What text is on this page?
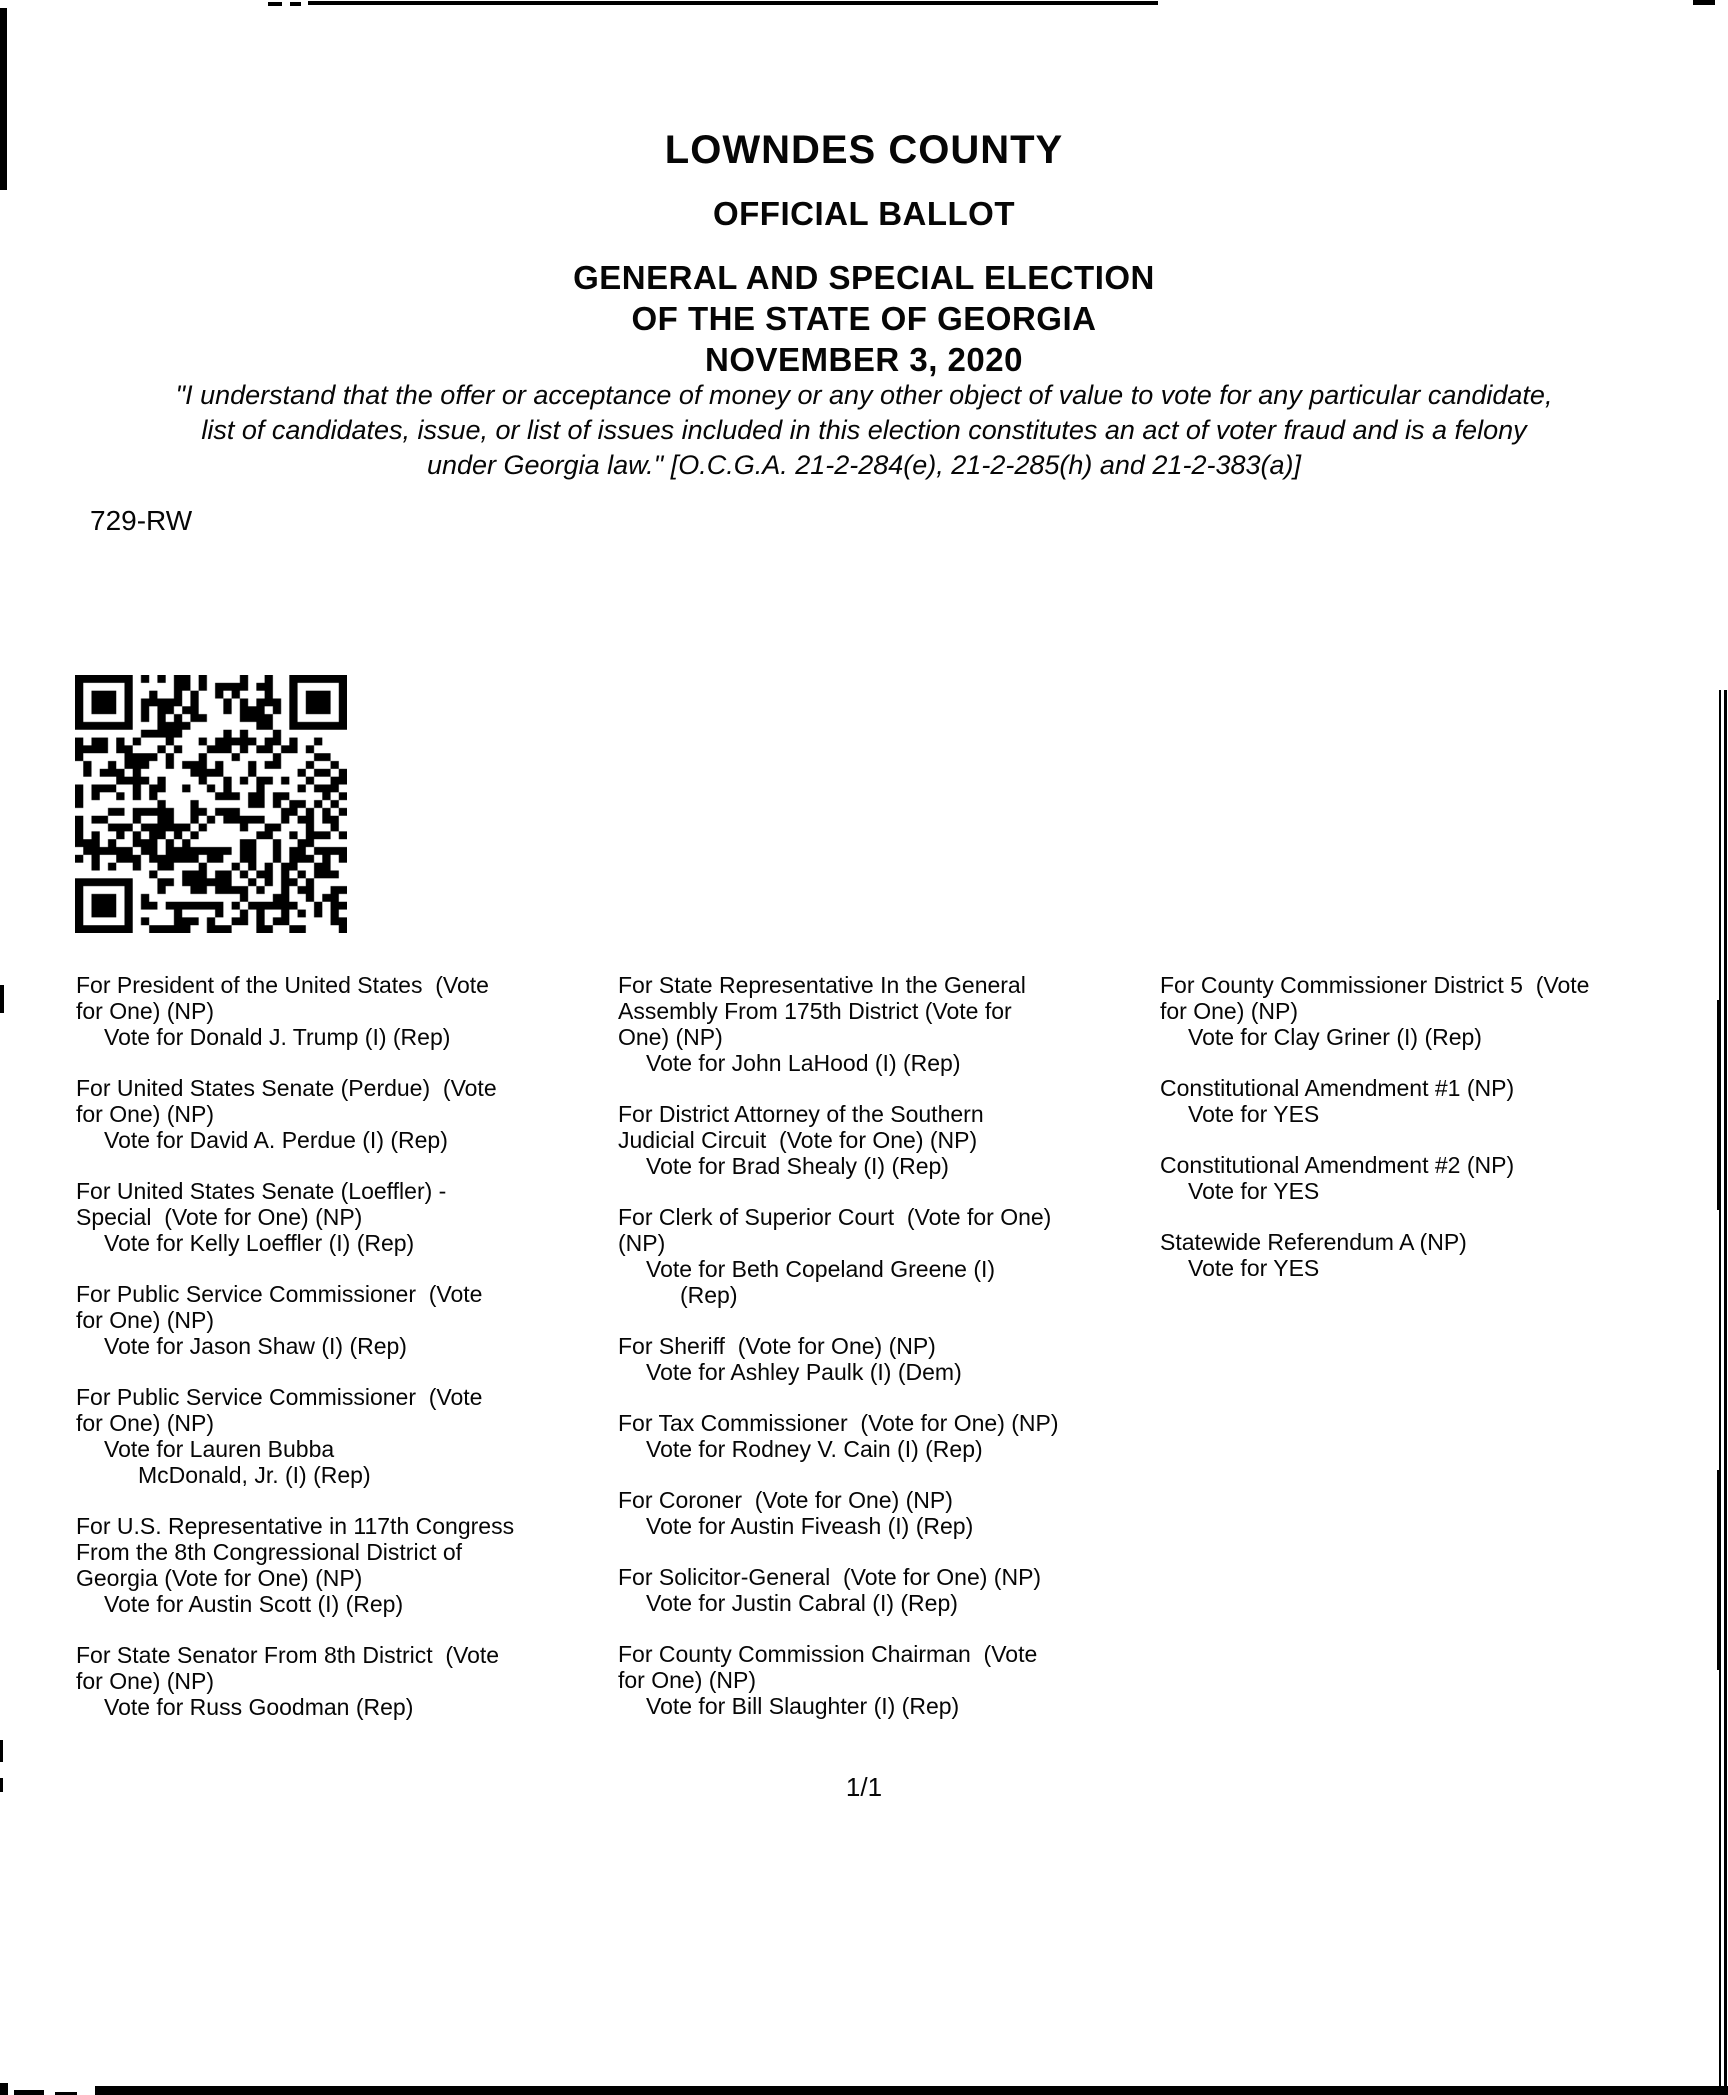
LOWNDES COUNTY
OFFICIAL BALLOT
GENERAL AND SPECIAL ELECTION
OF THE STATE OF GEORGIA
NOVEMBER 3, 2020
"I understand that the offer or acceptance of money or any other object of value to vote for any particular candidate,
list of candidates, issue, or list of issues included in this election constitutes an act of voter fraud and is a felony
under Georgia law." [O.C.G.A. 21-2-284(e), 21-2-285(h) and 21-2-383(a)]
729-RW
For President of the United States  (Vote
for One) (NP)
Vote for Donald J. Trump (I) (Rep)
For United States Senate (Perdue)  (Vote
for One) (NP)
Vote for David A. Perdue (I) (Rep)
For United States Senate (Loeffler) -
Special  (Vote for One) (NP)
Vote for Kelly Loeffler (I) (Rep)
For Public Service Commissioner  (Vote
for One) (NP)
Vote for Jason Shaw (I) (Rep)
For Public Service Commissioner  (Vote
for One) (NP)
Vote for Lauren Bubba
McDonald, Jr. (I) (Rep)
For U.S. Representative in 117th Congress
From the 8th Congressional District of
Georgia (Vote for One) (NP)
Vote for Austin Scott (I) (Rep)
For State Senator From 8th District  (Vote
for One) (NP)
Vote for Russ Goodman (Rep)
For State Representative In the General
Assembly From 175th District (Vote for
One) (NP)
Vote for John LaHood (I) (Rep)
For District Attorney of the Southern
Judicial Circuit  (Vote for One) (NP)
Vote for Brad Shealy (I) (Rep)
For Clerk of Superior Court  (Vote for One)
(NP)
Vote for Beth Copeland Greene (I)
(Rep)
For Sheriff  (Vote for One) (NP)
Vote for Ashley Paulk (I) (Dem)
For Tax Commissioner  (Vote for One) (NP)
Vote for Rodney V. Cain (I) (Rep)
For Coroner  (Vote for One) (NP)
Vote for Austin Fiveash (I) (Rep)
For Solicitor-General  (Vote for One) (NP)
Vote for Justin Cabral (I) (Rep)
For County Commission Chairman  (Vote
for One) (NP)
Vote for Bill Slaughter (I) (Rep)
For County Commissioner District 5  (Vote
for One) (NP)
Vote for Clay Griner (I) (Rep)
Constitutional Amendment #1 (NP)
Vote for YES
Constitutional Amendment #2 (NP)
Vote for YES
Statewide Referendum A (NP)
Vote for YES
1/1
